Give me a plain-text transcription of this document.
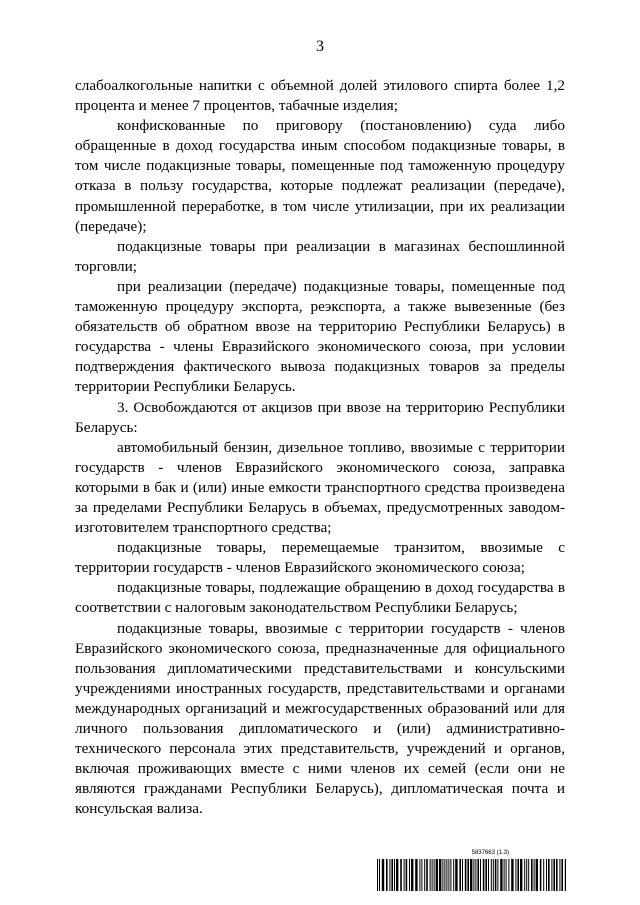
3

слабоалкогольные напитки с объемной долей этилового спирта более 1,2 процента и менее 7 процентов, табачные изделия;

конфискованные по приговору (постановлению) суда либо обращенные в доход государства иным способом подакцизные товары, в том числе подакцизные товары, помещенные под таможенную процедуру отказа в пользу государства, которые подлежат реализации (передаче), промышленной переработке, в том числе утилизации, при их реализации (передаче);

подакцизные товары при реализации в магазинах беспошлинной торговли;

при реализации (передаче) подакцизные товары, помещенные под таможенную процедуру экспорта, реэкспорта, а также вывезенные (без обязательств об обратном ввозе на территорию Республики Беларусь) в государства - члены Евразийского экономического союза, при условии подтверждения фактического вывоза подакцизных товаров за пределы территории Республики Беларусь.

3. Освобождаются от акцизов при ввозе на территорию Республики Беларусь:

автомобильный бензин, дизельное топливо, ввозимые с территории государств - членов Евразийского экономического союза, заправка которыми в бак и (или) иные емкости транспортного средства произведена за пределами Республики Беларусь в объемах, предусмотренных заводом-изготовителем транспортного средства;

подакцизные товары, перемещаемые транзитом, ввозимые с территории государств - членов Евразийского экономического союза;

подакцизные товары, подлежащие обращению в доход государства в соответствии с налоговым законодательством Республики Беларусь;

подакцизные товары, ввозимые с территории государств - членов Евразийского экономического союза, предназначенные для официального пользования дипломатическими представительствами и консульскими учреждениями иностранных государств, представительствами и органами международных организаций и межгосударственных образований или для личного пользования дипломатического и (или) административно-технического персонала этих представительств, учреждений и органов, включая проживающих вместе с ними членов их семей (если они не являются гражданами Республики Беларусь), дипломатическая почта и консульская вализа.

5837663 (1.3)
